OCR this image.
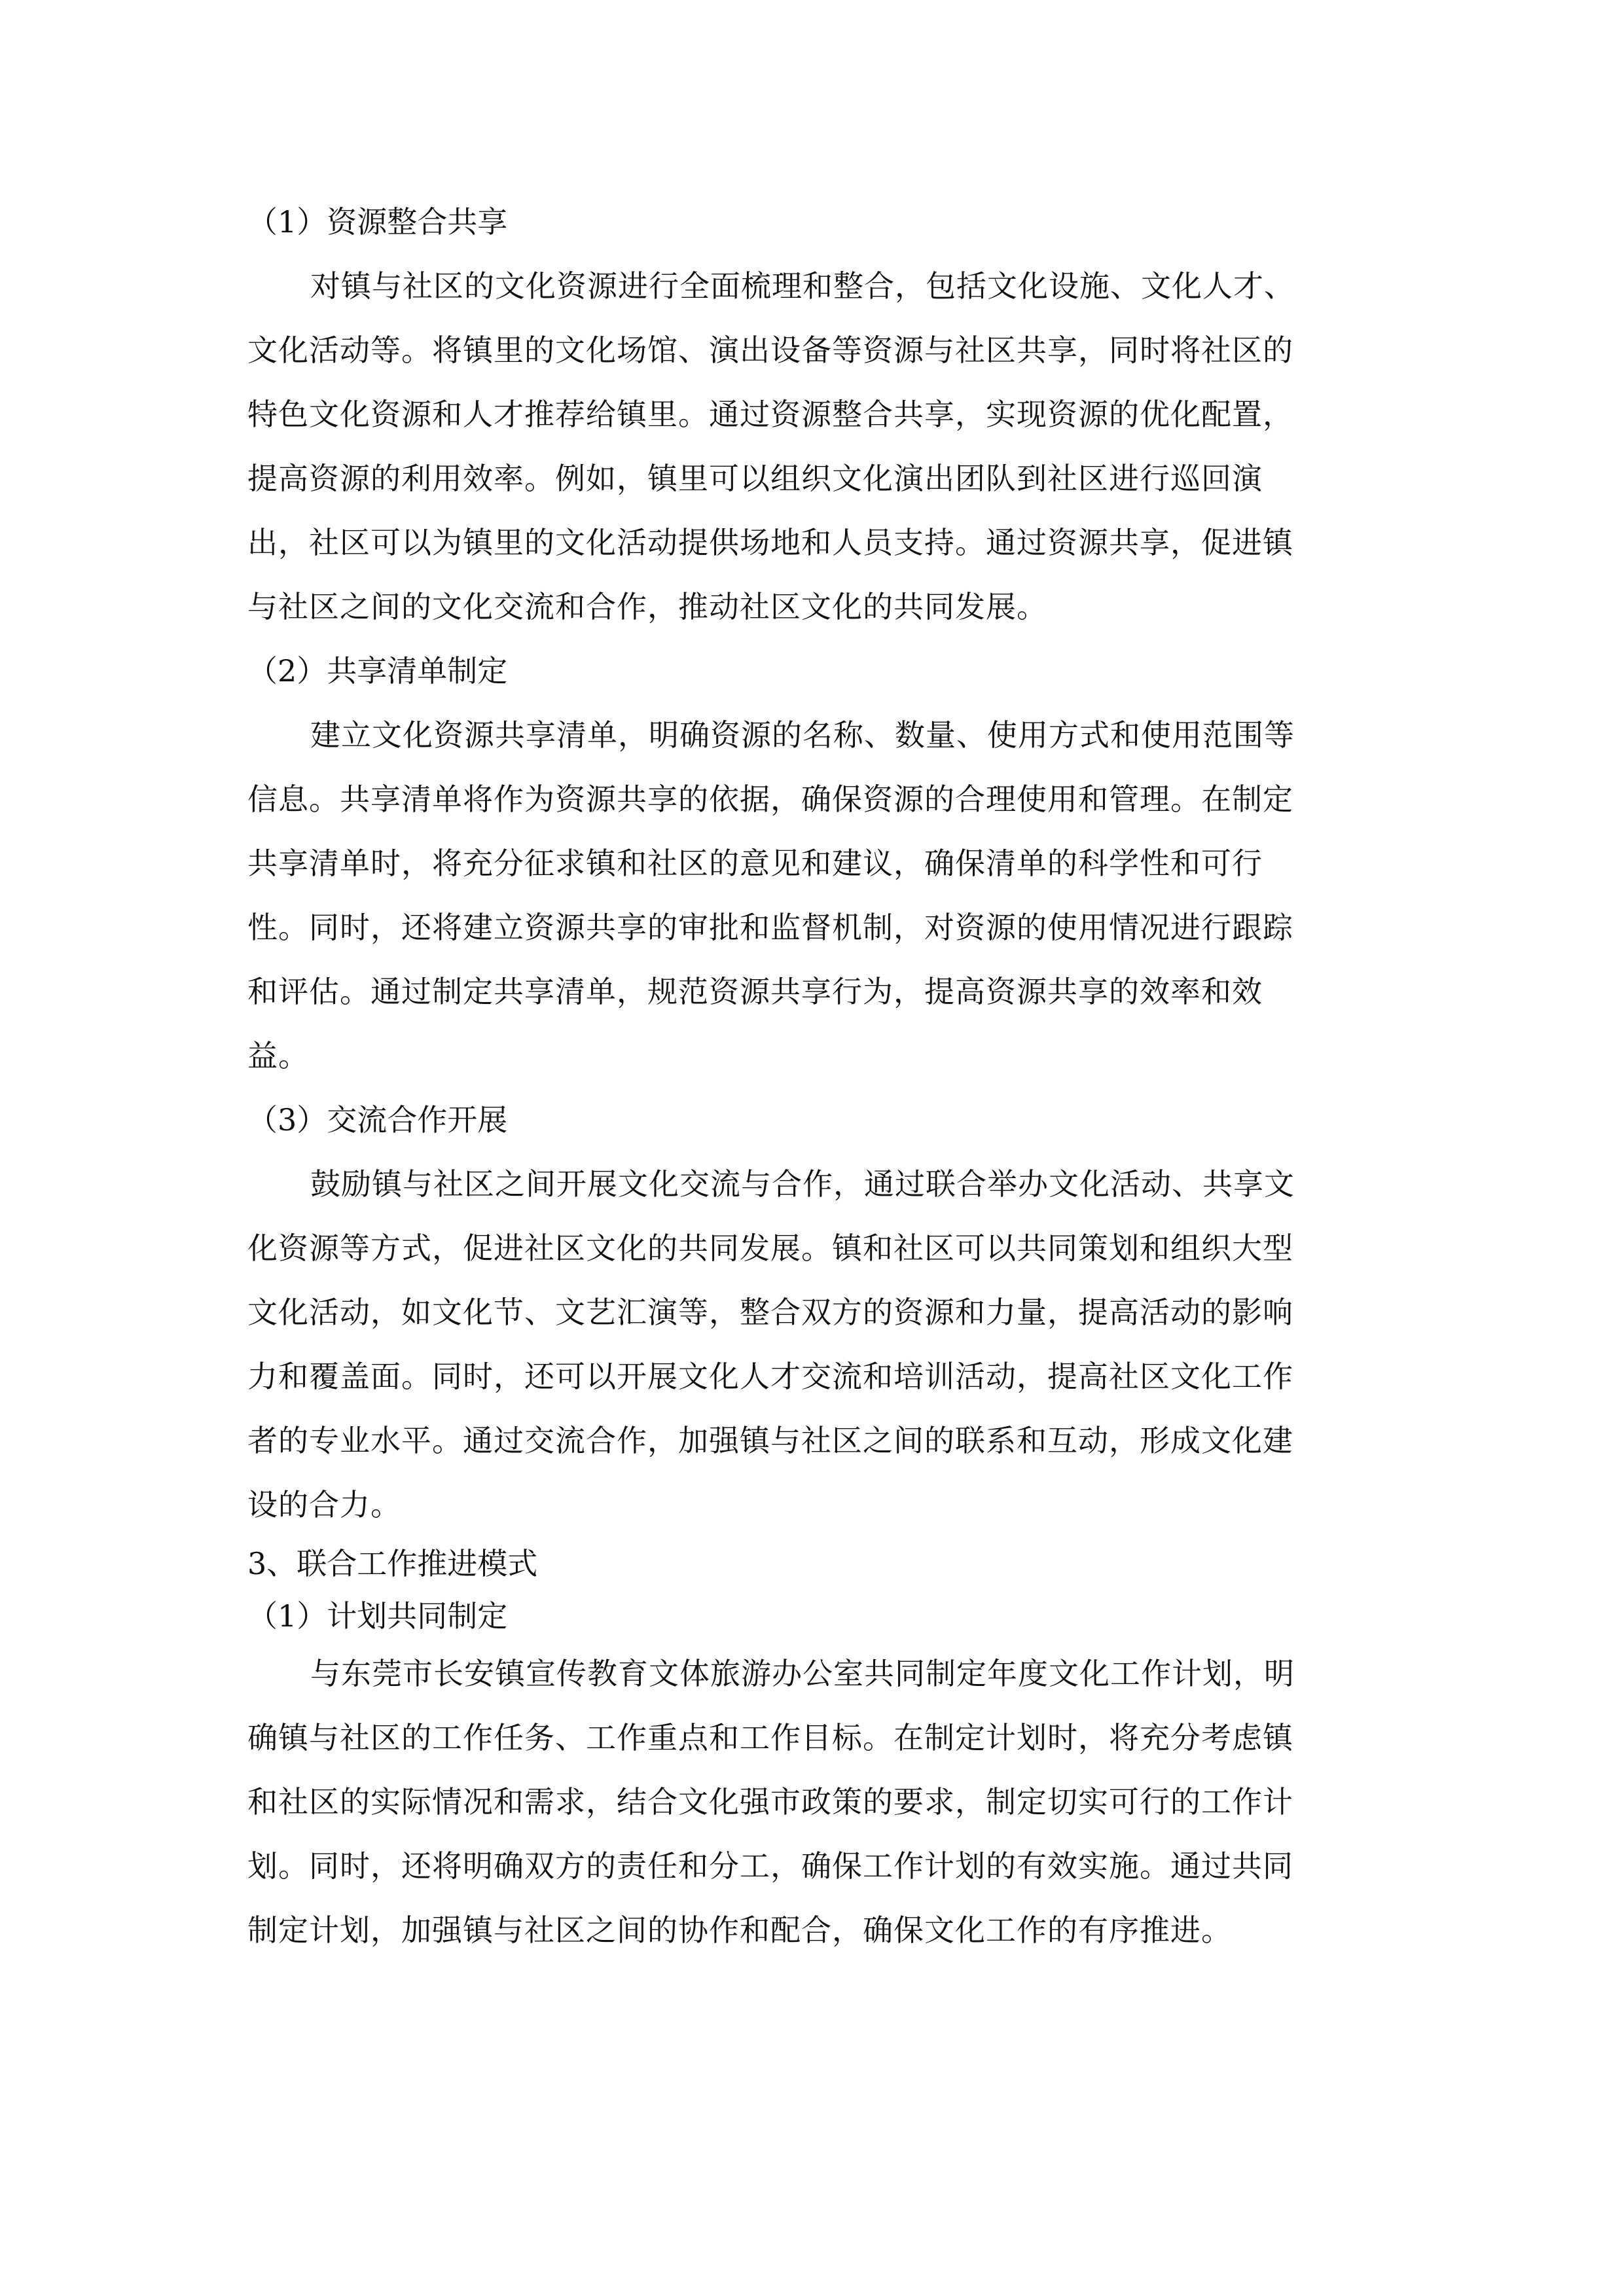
（1）资源整合共享

对镇与社区的文化资源进行全面梳理和整合，包括文化设施、文化人才、

文化活动等。将镇里的文化场馆、演出设备等资源与社区共享，同时将社区的

特色文化资源和人才推荐给镇里。通过资源整合共享，实现资源的优化配置，

提高资源的利用效率。例如，镇里可以组织文化演出团队到社区进行巡回演

出，社区可以为镇里的文化活动提供场地和人员支持。通过资源共享，促进镇

与社区之间的文化交流和合作，推动社区文化的共同发展。

（2）共享清单制定

建立文化资源共享清单，明确资源的名称、数量、使用方式和使用范围等

信息。共享清单将作为资源共享的依据，确保资源的合理使用和管理。在制定

共享清单时，将充分征求镇和社区的意见和建议，确保清单的科学性和可行

性。同时，还将建立资源共享的审批和监督机制，对资源的使用情况进行跟踪

和评估。通过制定共享清单，规范资源共享行为，提高资源共享的效率和效

益。

（3）交流合作开展

鼓励镇与社区之间开展文化交流与合作，通过联合举办文化活动、共享文

化资源等方式，促进社区文化的共同发展。镇和社区可以共同策划和组织大型

文化活动，如文化节、文艺汇演等，整合双方的资源和力量，提高活动的影响

力和覆盖面。同时，还可以开展文化人才交流和培训活动，提高社区文化工作

者的专业水平。通过交流合作，加强镇与社区之间的联系和互动，形成文化建

设的合力。

3、联合工作推进模式

（1）计划共同制定

与东莞市长安镇宣传教育文体旅游办公室共同制定年度文化工作计划，明

确镇与社区的工作任务、工作重点和工作目标。在制定计划时，将充分考虑镇

和社区的实际情况和需求，结合文化强市政策的要求，制定切实可行的工作计

划。同时，还将明确双方的责任和分工，确保工作计划的有效实施。通过共同

制定计划，加强镇与社区之间的协作和配合，确保文化工作的有序推进。
